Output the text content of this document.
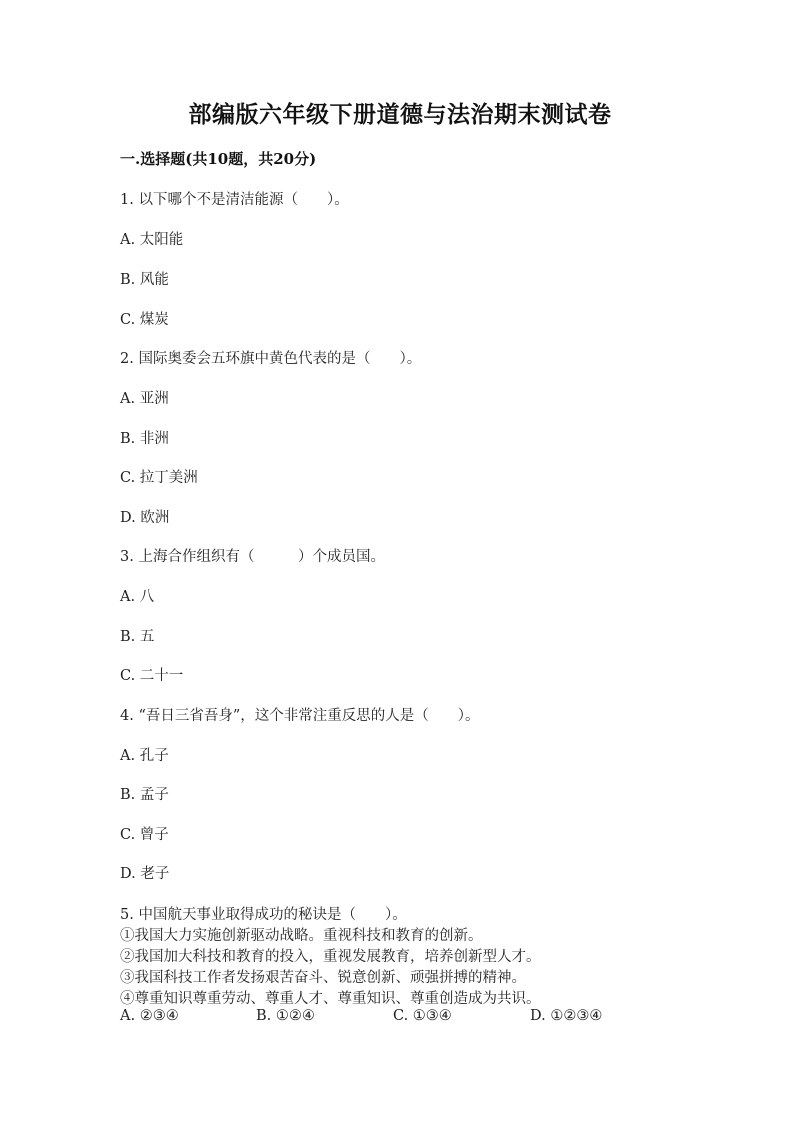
部编版六年级下册道德与法治期末测试卷
一.选择题(共10题，共20分)
1. 以下哪个不是清洁能源（　　）。
A. 太阳能
B. 风能
C. 煤炭
2. 国际奥委会五环旗中黄色代表的是（　　）。
A. 亚洲
B. 非洲
C. 拉丁美洲
D. 欧洲
3. 上海合作组织有（　　　）个成员国。
A. 八
B. 五
C. 二十一
4. “吾日三省吾身”，这个非常注重反思的人是（　　）。
A. 孔子
B. 孟子
C. 曾子
D. 老子
5. 中国航天事业取得成功的秘诀是（　　）。
①我国大力实施创新驱动战略。重视科技和教育的创新。
②我国加大科技和教育的投入，重视发展教育，培养创新型人才。
③我国科技工作者发扬艰苦奋斗、锐意创新、顽强拼搏的精神。
④尊重知识尊重劳动、尊重人才、尊重知识、尊重创造成为共识。
A. ②③④	B. ①②④	C. ①③④	D. ①②③④
